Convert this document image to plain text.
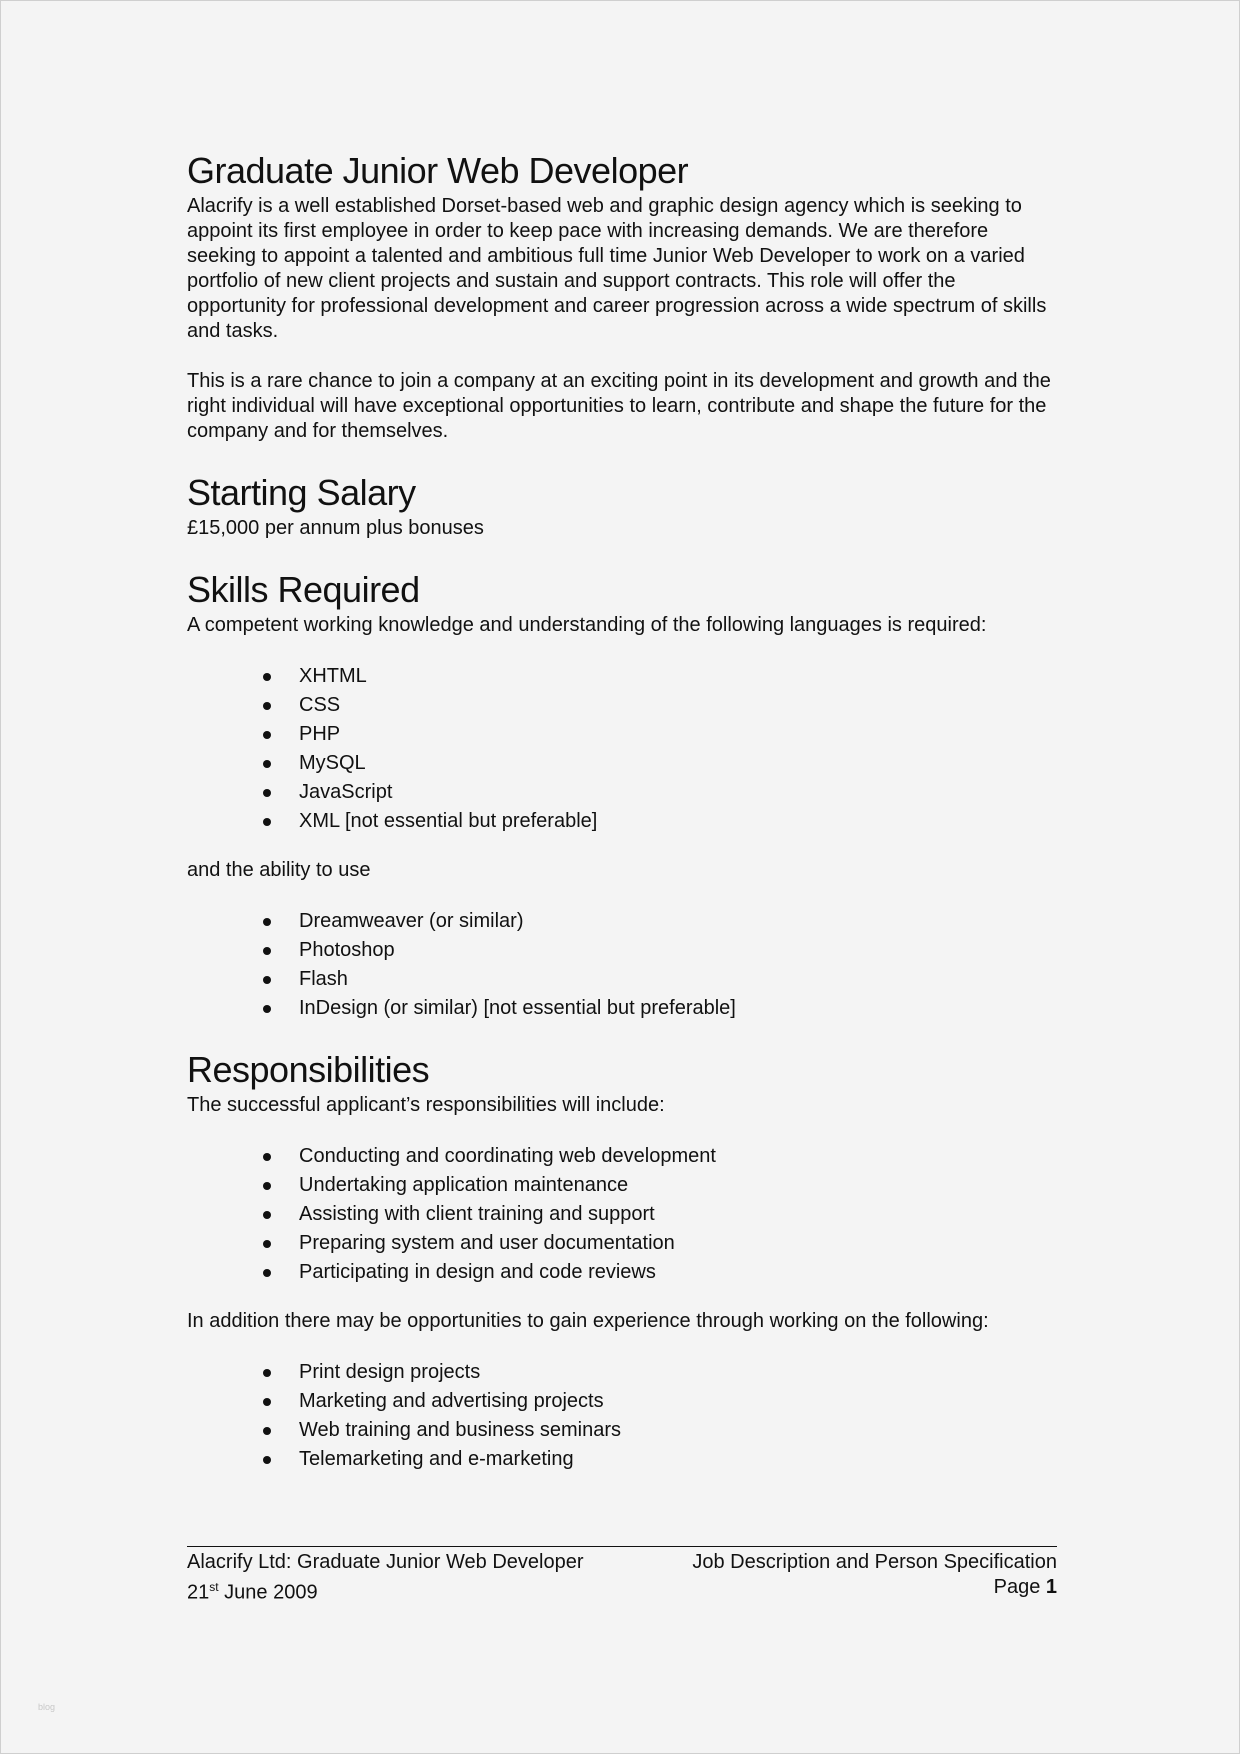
Graduate Junior Web Developer

Alacrify is a well established Dorset-based web and graphic design agency which is seeking to appoint its first employee in order to keep pace with increasing demands. We are therefore seeking to appoint a talented and ambitious full time Junior Web Developer to work on a varied portfolio of new client projects and sustain and support contracts. This role will offer the opportunity for professional development and career progression across a wide spectrum of skills and tasks.

This is a rare chance to join a company at an exciting point in its development and growth and the right individual will have exceptional opportunities to learn, contribute and shape the future for the company and for themselves.

Starting Salary

£15,000 per annum plus bonuses

Skills Required

A competent working knowledge and understanding of the following languages is required:

XHTML
CSS
PHP
MySQL
JavaScript
XML [not essential but preferable]

and the ability to use

Dreamweaver (or similar)
Photoshop
Flash
InDesign (or similar) [not essential but preferable]
Responsibilities

The successful applicant’s responsibilities will include:

Conducting and coordinating web development
Undertaking application maintenance
Assisting with client training and support
Preparing system and user documentation
Participating in design and code reviews

In addition there may be opportunities to gain experience through working on the following:

Print design projects
Marketing and advertising projects
Web training and business seminars
Telemarketing and e-marketing
Alacrify Ltd: Graduate Junior Web Developer	Job Description and Person Specification
21st June 2009	Page 1
blog
